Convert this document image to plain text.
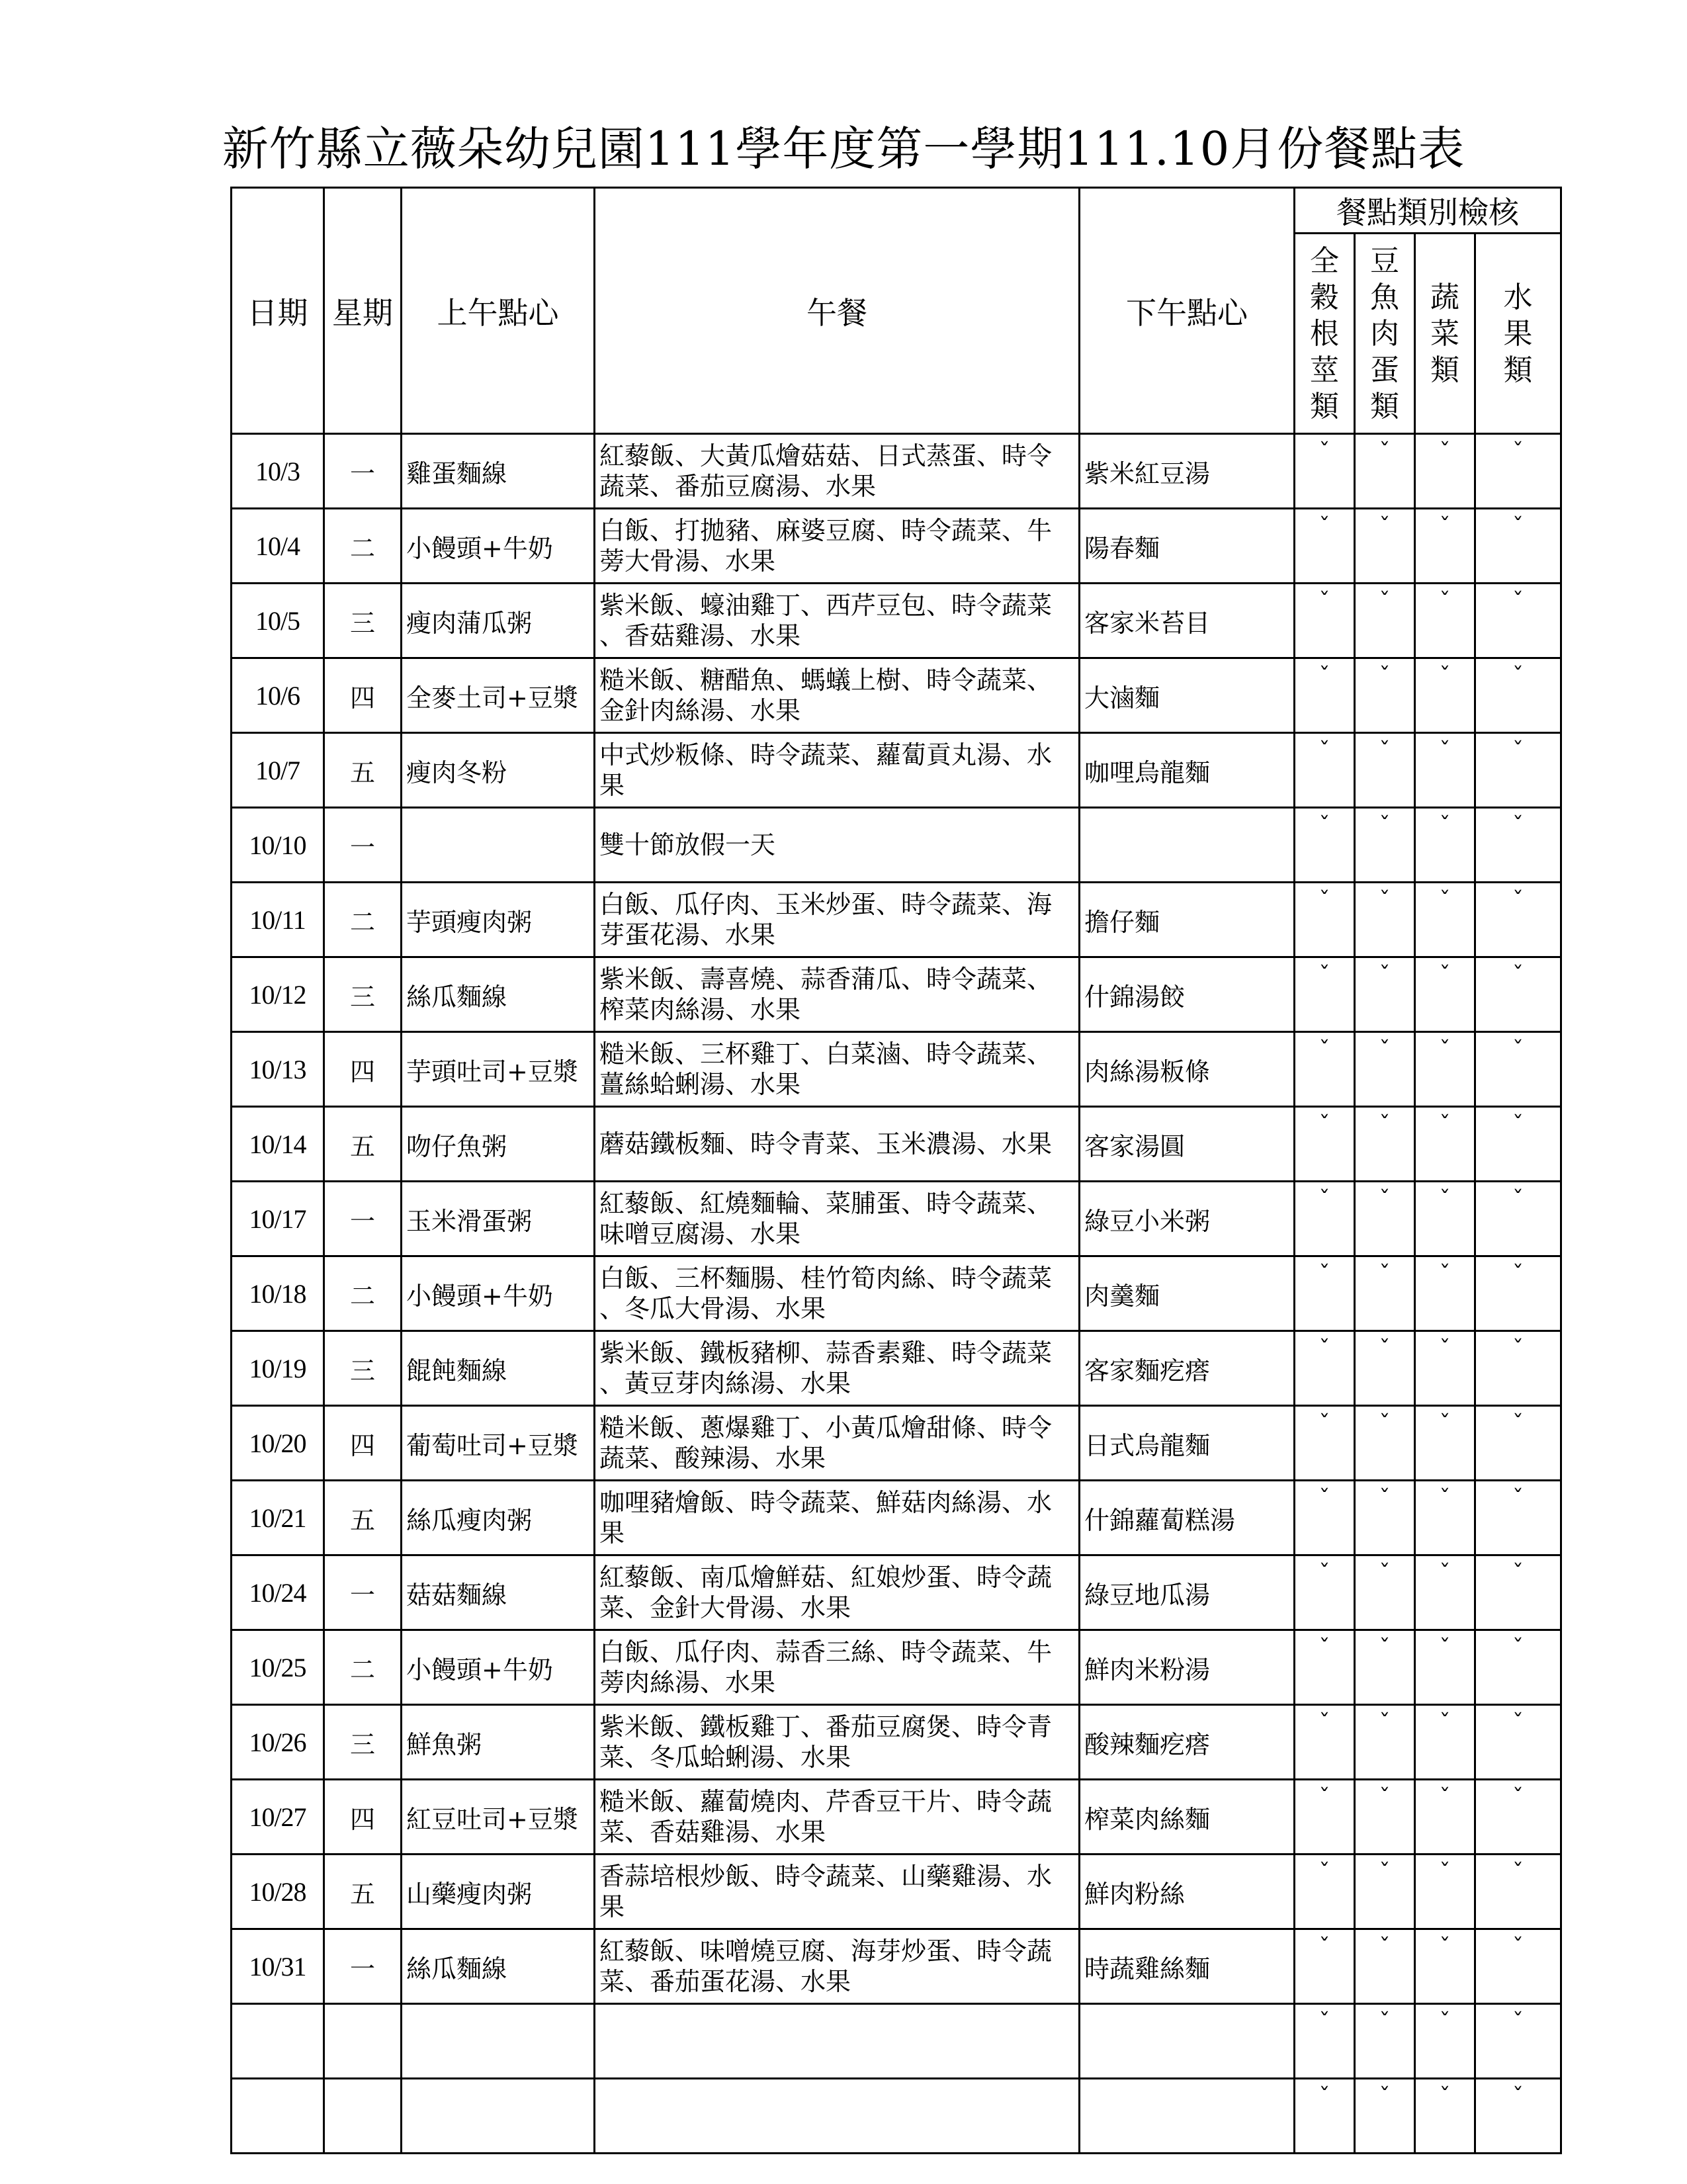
新竹縣立薇朵幼兒園111學年度第一學期111.10月份餐點表
日期	星期	上午點心	午餐	下午點心	餐點類別檢核			

					全
穀
根
莖
類	豆
魚
肉
蛋
類	蔬
菜
類	水
果
類

10/3	一	雞蛋麵線	紅藜飯、大黃瓜燴菇菇、日式蒸蛋、時令
蔬菜、番茄豆腐湯、水果	紫米紅豆湯	ˇ	ˇ	ˇ	ˇ
10/4	二	小饅頭+牛奶	白飯、打拋豬、麻婆豆腐、時令蔬菜、牛
蒡大骨湯、水果	陽春麵	ˇ	ˇ	ˇ	ˇ
10/5	三	瘦肉蒲瓜粥	紫米飯、蠔油雞丁、西芹豆包、時令蔬菜
、香菇雞湯、水果	客家米苔目	ˇ	ˇ	ˇ	ˇ
10/6	四	全麥土司+豆漿	糙米飯、糖醋魚、螞蟻上樹、時令蔬菜、
金針肉絲湯、水果	大滷麵	ˇ	ˇ	ˇ	ˇ
10/7	五	瘦肉冬粉	中式炒粄條、時令蔬菜、蘿蔔貢丸湯、水
果	咖哩烏龍麵	ˇ	ˇ	ˇ	ˇ
10/10	一		雙十節放假一天		ˇ	ˇ	ˇ	ˇ
10/11	二	芋頭瘦肉粥	白飯、瓜仔肉、玉米炒蛋、時令蔬菜、海
芽蛋花湯、水果	擔仔麵	ˇ	ˇ	ˇ	ˇ
10/12	三	絲瓜麵線	紫米飯、壽喜燒、蒜香蒲瓜、時令蔬菜、
榨菜肉絲湯、水果	什錦湯餃	ˇ	ˇ	ˇ	ˇ
10/13	四	芋頭吐司+豆漿	糙米飯、三杯雞丁、白菜滷、時令蔬菜、
薑絲蛤蜊湯、水果	肉絲湯粄條	ˇ	ˇ	ˇ	ˇ
10/14	五	吻仔魚粥	蘑菇鐵板麵、時令青菜、玉米濃湯、水果	客家湯圓	ˇ	ˇ	ˇ	ˇ
10/17	一	玉米滑蛋粥	紅藜飯、紅燒麵輪、菜脯蛋、時令蔬菜、
味噌豆腐湯、水果	綠豆小米粥	ˇ	ˇ	ˇ	ˇ
10/18	二	小饅頭+牛奶	白飯、三杯麵腸、桂竹筍肉絲、時令蔬菜
、冬瓜大骨湯、水果	肉羹麵	ˇ	ˇ	ˇ	ˇ
10/19	三	餛飩麵線	紫米飯、鐵板豬柳、蒜香素雞、時令蔬菜
、黃豆芽肉絲湯、水果	客家麵疙瘩	ˇ	ˇ	ˇ	ˇ
10/20	四	葡萄吐司+豆漿	糙米飯、蔥爆雞丁、小黃瓜燴甜條、時令
蔬菜、酸辣湯、水果	日式烏龍麵	ˇ	ˇ	ˇ	ˇ
10/21	五	絲瓜瘦肉粥	咖哩豬燴飯、時令蔬菜、鮮菇肉絲湯、水
果	什錦蘿蔔糕湯	ˇ	ˇ	ˇ	ˇ
10/24	一	菇菇麵線	紅藜飯、南瓜燴鮮菇、紅娘炒蛋、時令蔬
菜、金針大骨湯、水果	綠豆地瓜湯	ˇ	ˇ	ˇ	ˇ
10/25	二	小饅頭+牛奶	白飯、瓜仔肉、蒜香三絲、時令蔬菜、牛
蒡肉絲湯、水果	鮮肉米粉湯	ˇ	ˇ	ˇ	ˇ
10/26	三	鮮魚粥	紫米飯、鐵板雞丁、番茄豆腐煲、時令青
菜、冬瓜蛤蜊湯、水果	酸辣麵疙瘩	ˇ	ˇ	ˇ	ˇ
10/27	四	紅豆吐司+豆漿	糙米飯、蘿蔔燒肉、芹香豆干片、時令蔬
菜、香菇雞湯、水果	榨菜肉絲麵	ˇ	ˇ	ˇ	ˇ
10/28	五	山藥瘦肉粥	香蒜培根炒飯、時令蔬菜、山藥雞湯、水
果	鮮肉粉絲	ˇ	ˇ	ˇ	ˇ
10/31	一	絲瓜麵線	紅藜飯、味噌燒豆腐、海芽炒蛋、時令蔬
菜、番茄蛋花湯、水果	時蔬雞絲麵	ˇ	ˇ	ˇ	ˇ
					ˇ	ˇ	ˇ	ˇ
					ˇ	ˇ	ˇ	ˇ
